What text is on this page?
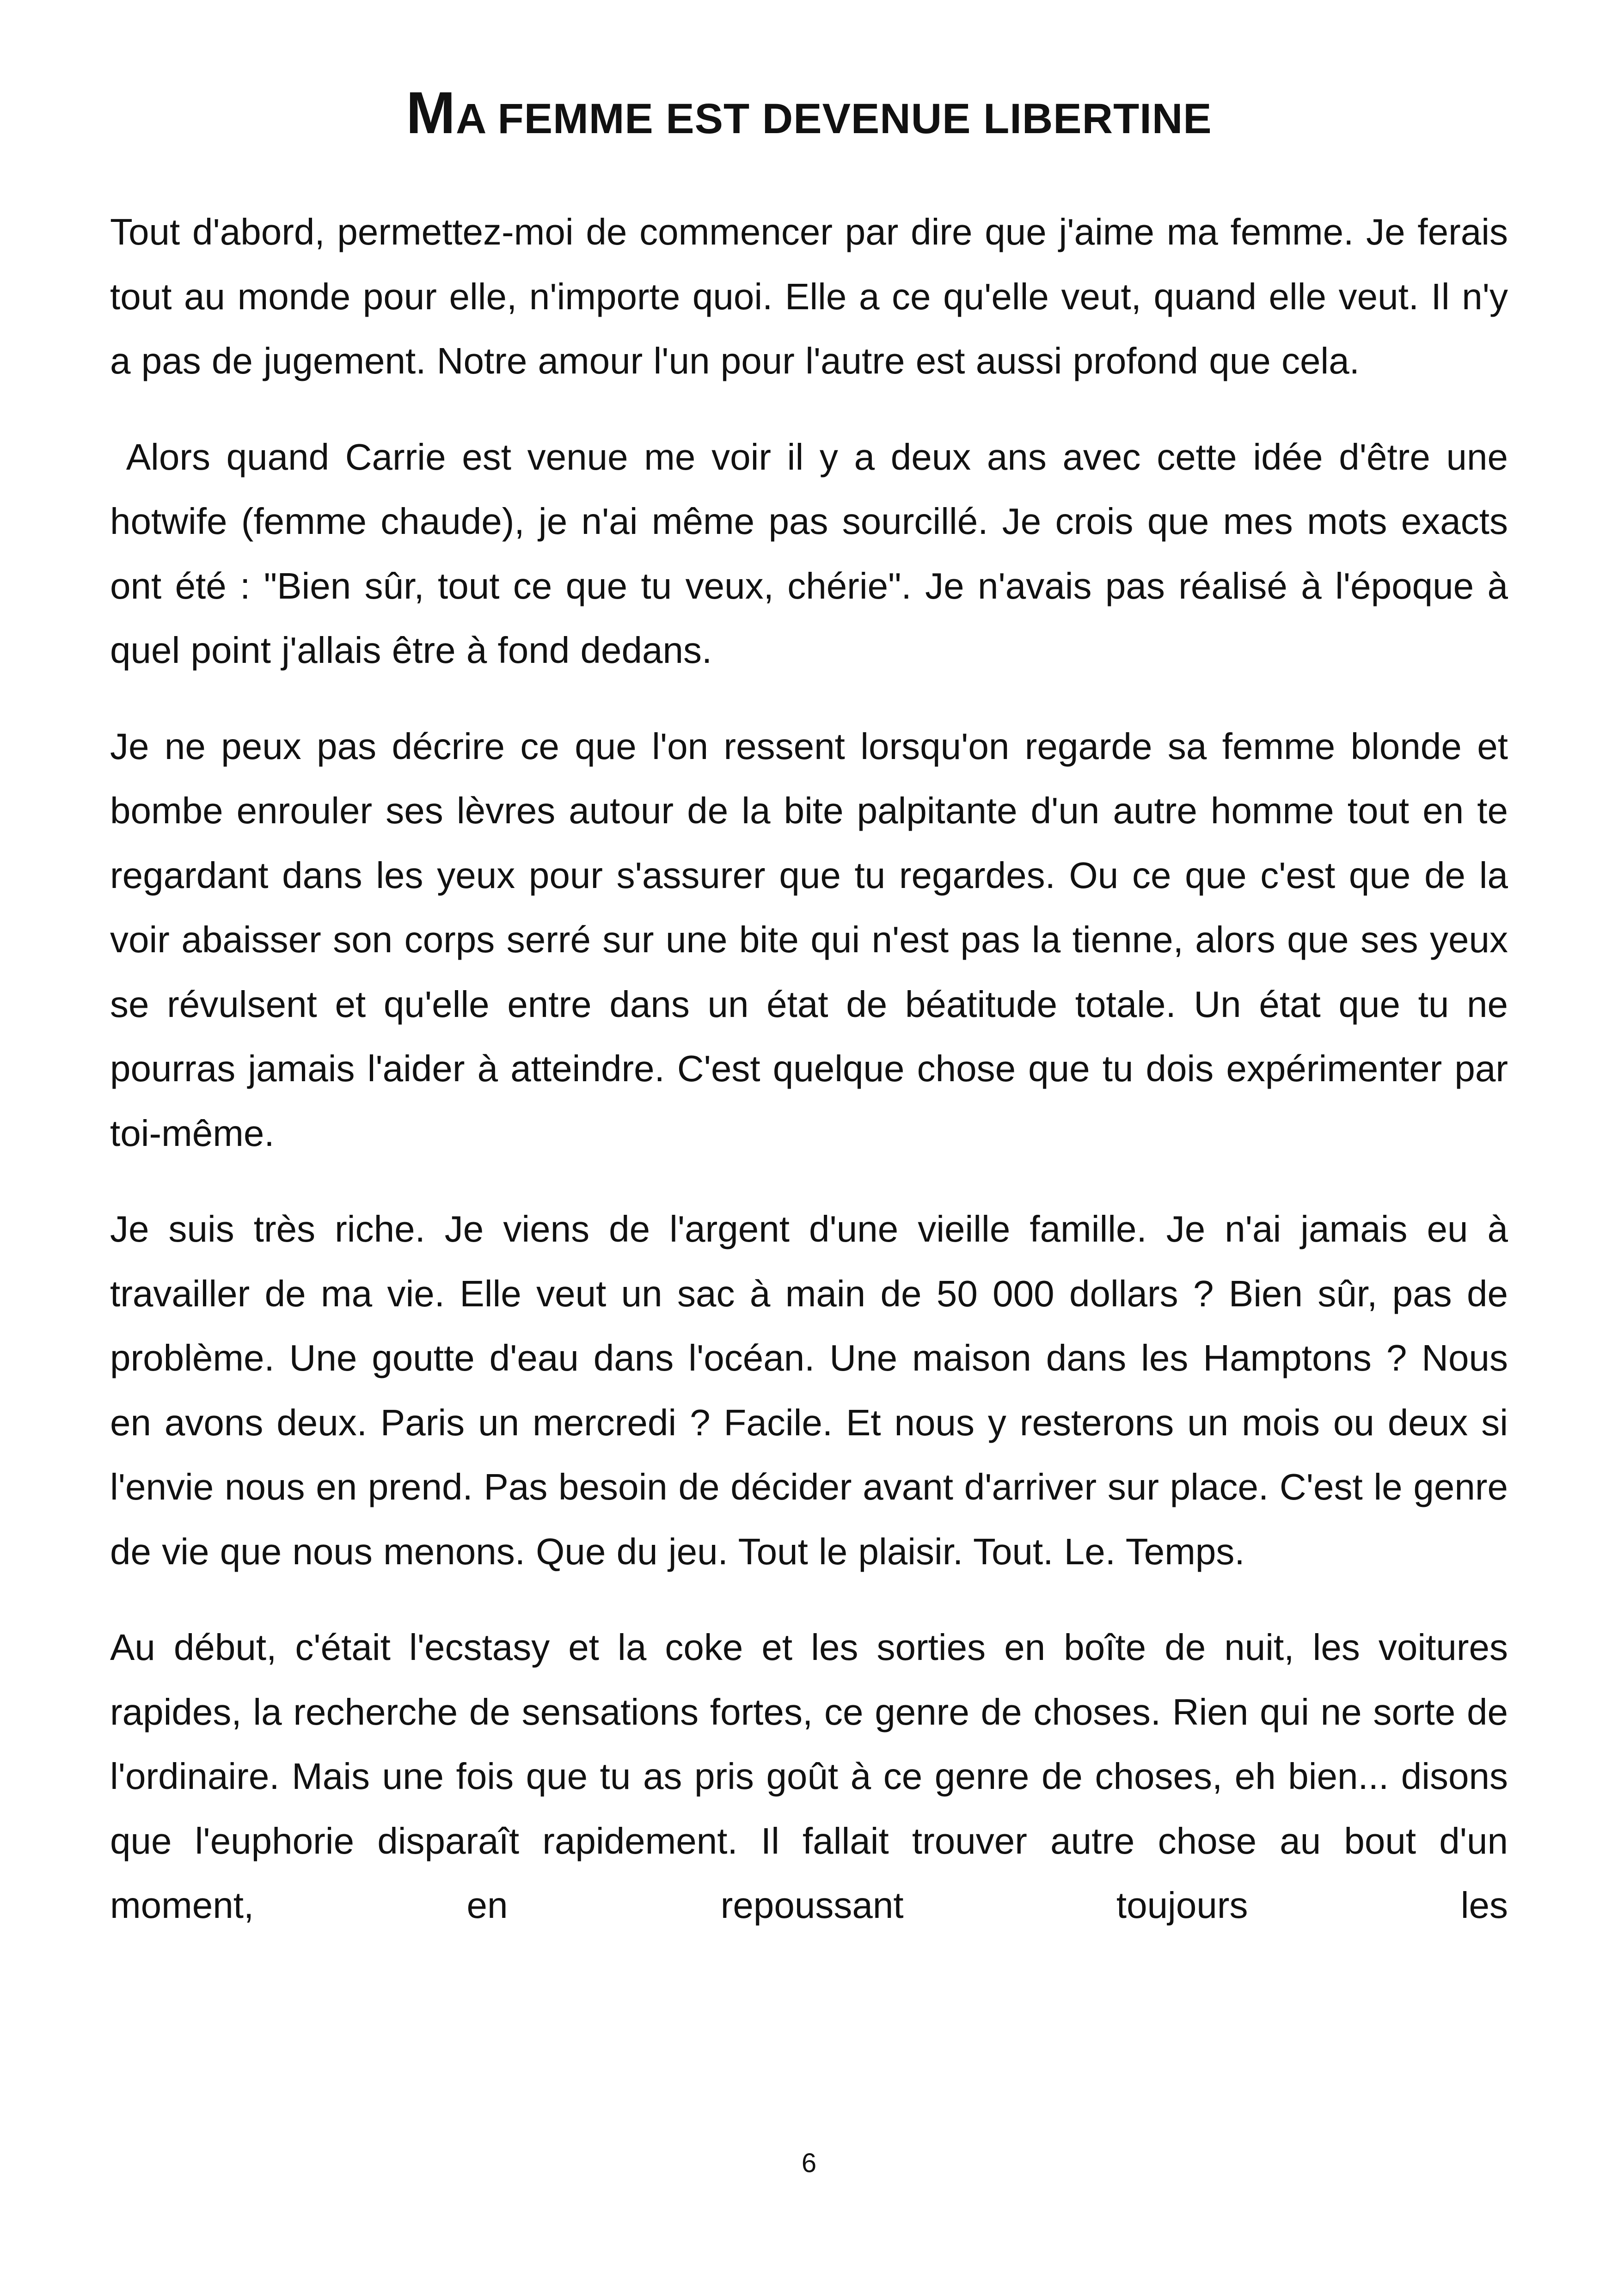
MA FEMME EST DEVENUE LIBERTINE

Tout d'abord, permettez-moi de commencer par dire que j'aime ma femme. Je ferais tout au monde pour elle, n'importe quoi. Elle a ce qu'elle veut, quand elle veut. Il n'y a pas de jugement. Notre amour l'un pour l'autre est aussi profond que cela.

Alors quand Carrie est venue me voir il y a deux ans avec cette idée d'être une hotwife (femme chaude), je n'ai même pas sourcillé. Je crois que mes mots exacts ont été : "Bien sûr, tout ce que tu veux, chérie". Je n'avais pas réalisé à l'époque à quel point j'allais être à fond dedans.

Je ne peux pas décrire ce que l'on ressent lorsqu'on regarde sa femme blonde et bombe enrouler ses lèvres autour de la bite palpitante d'un autre homme tout en te regardant dans les yeux pour s'assurer que tu regardes. Ou ce que c'est que de la voir abaisser son corps serré sur une bite qui n'est pas la tienne, alors que ses yeux se révulsent et qu'elle entre dans un état de béatitude totale. Un état que tu ne pourras jamais l'aider à atteindre. C'est quelque chose que tu dois expérimenter par toi-même.

Je suis très riche. Je viens de l'argent d'une vieille famille. Je n'ai jamais eu à travailler de ma vie. Elle veut un sac à main de 50 000 dollars ? Bien sûr, pas de problème. Une goutte d'eau dans l'océan. Une maison dans les Hamptons ? Nous en avons deux. Paris un mercredi ? Facile. Et nous y resterons un mois ou deux si l'envie nous en prend. Pas besoin de décider avant d'arriver sur place. C'est le genre de vie que nous menons. Que du jeu. Tout le plaisir. Tout. Le. Temps.

Au début, c'était l'ecstasy et la coke et les sorties en boîte de nuit, les voitures rapides, la recherche de sensations fortes, ce genre de choses. Rien qui ne sorte de l'ordinaire. Mais une fois que tu as pris goût à ce genre de choses, eh bien... disons que l'euphorie disparaît rapidement. Il fallait trouver autre chose au bout d'un moment, en repoussant toujours les

6
